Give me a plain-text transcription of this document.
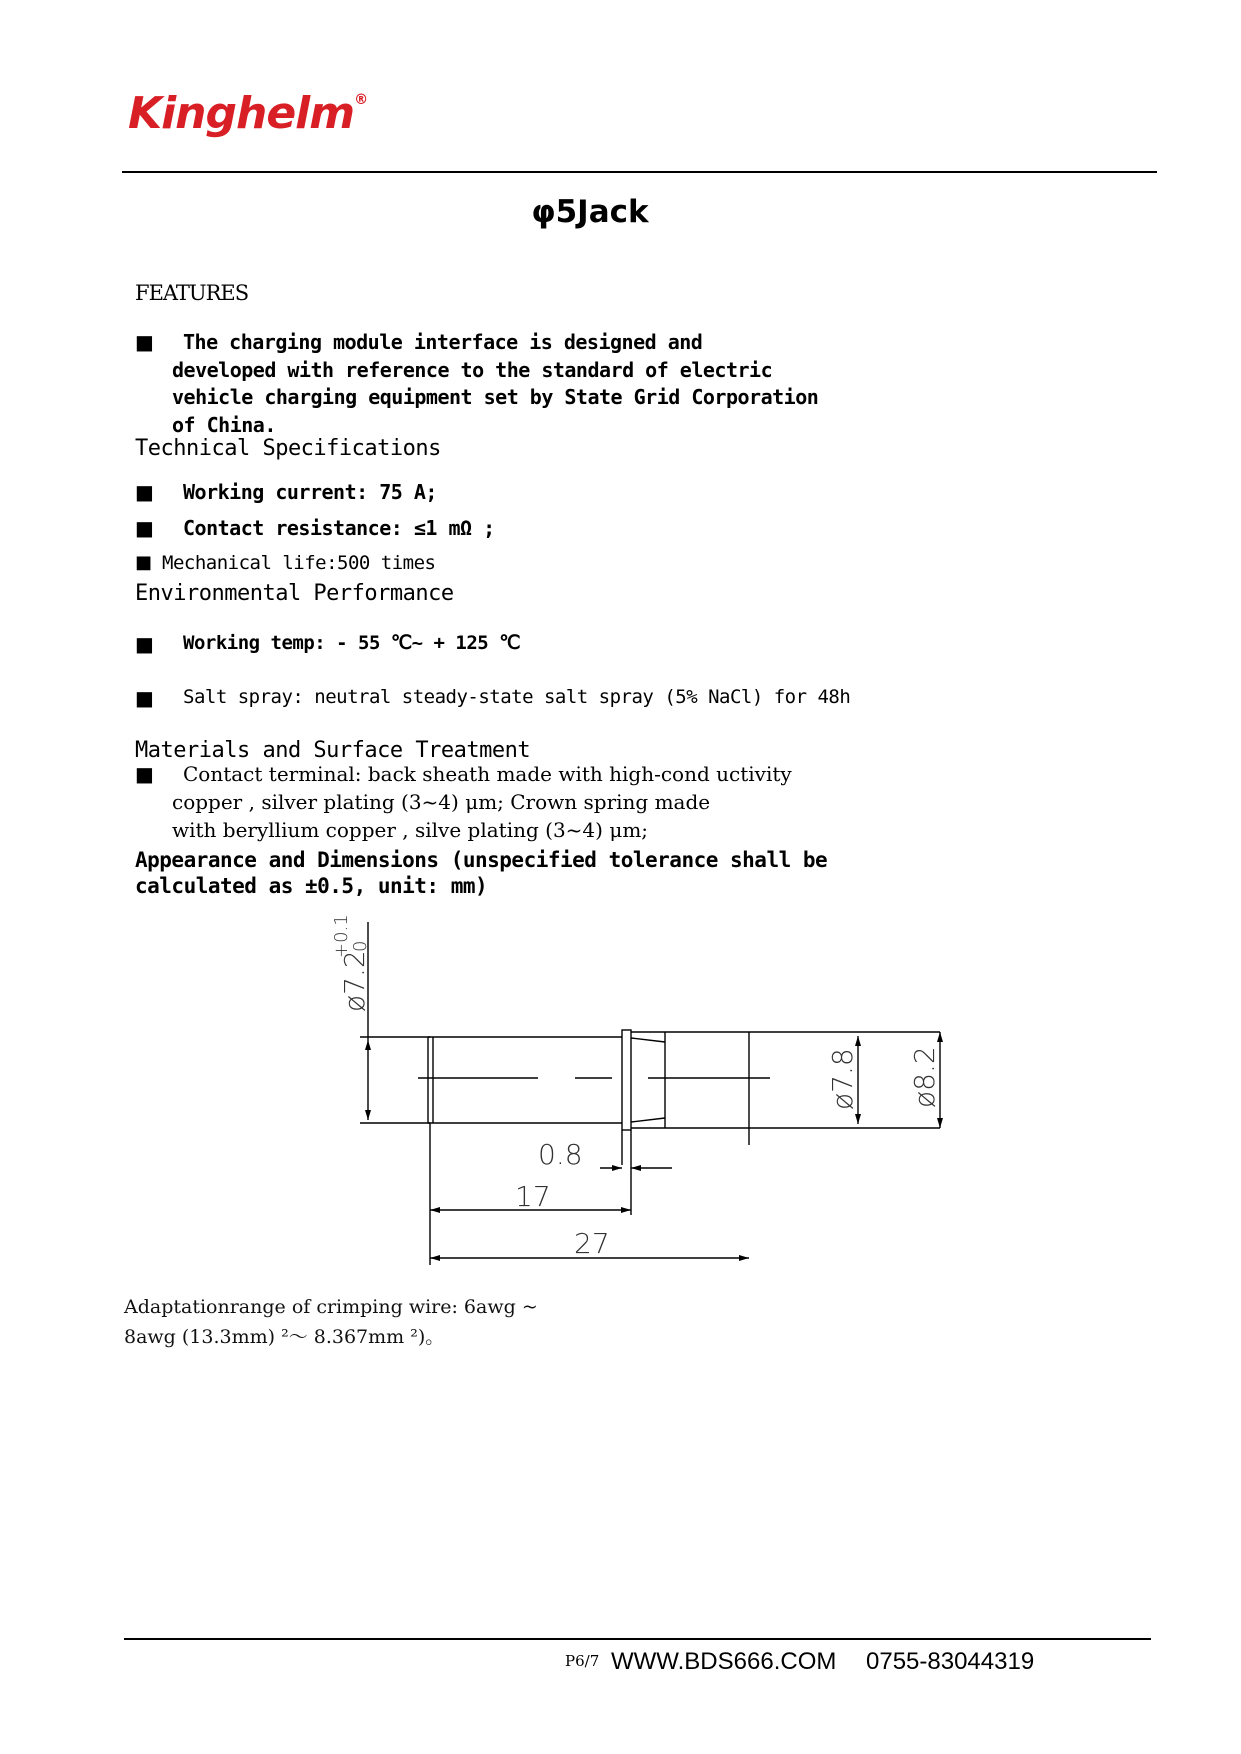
Kinghelm®
φ5Jack
FEATURES
■ The charging module interface is designed and
developed with reference to the standard of electric
vehicle charging equipment set by State Grid Corporation
of China.
Technical Specifications
■ Working current: 75 A;
■ Contact resistance: ≤1 mΩ ;
■ Mechanical life:500 times
Environmental Performance
■ Working temp: - 55 ℃~ + 125 ℃
■ Salt spray: neutral steady-state salt spray (5% NaCl) for 48h
Materials and Surface Treatment
■ Contact terminal: back sheath made with high-cond uctivity
copper , silver plating (3~4) μm; Crown spring made
with beryllium copper , silve plating (3~4) μm;
Appearance and Dimensions (unspecified tolerance shall be
calculated as ±0.5, unit: mm)
ø7.2
+0.1
0
ø7.8 ø8.2
0.8
17
27
Adaptationrange of crimping wire: 6awg ~
8awg (13.3mm) ²～ 8.367mm ²)。
P6/7 WWW.BDS666.COM 0755-83044319
